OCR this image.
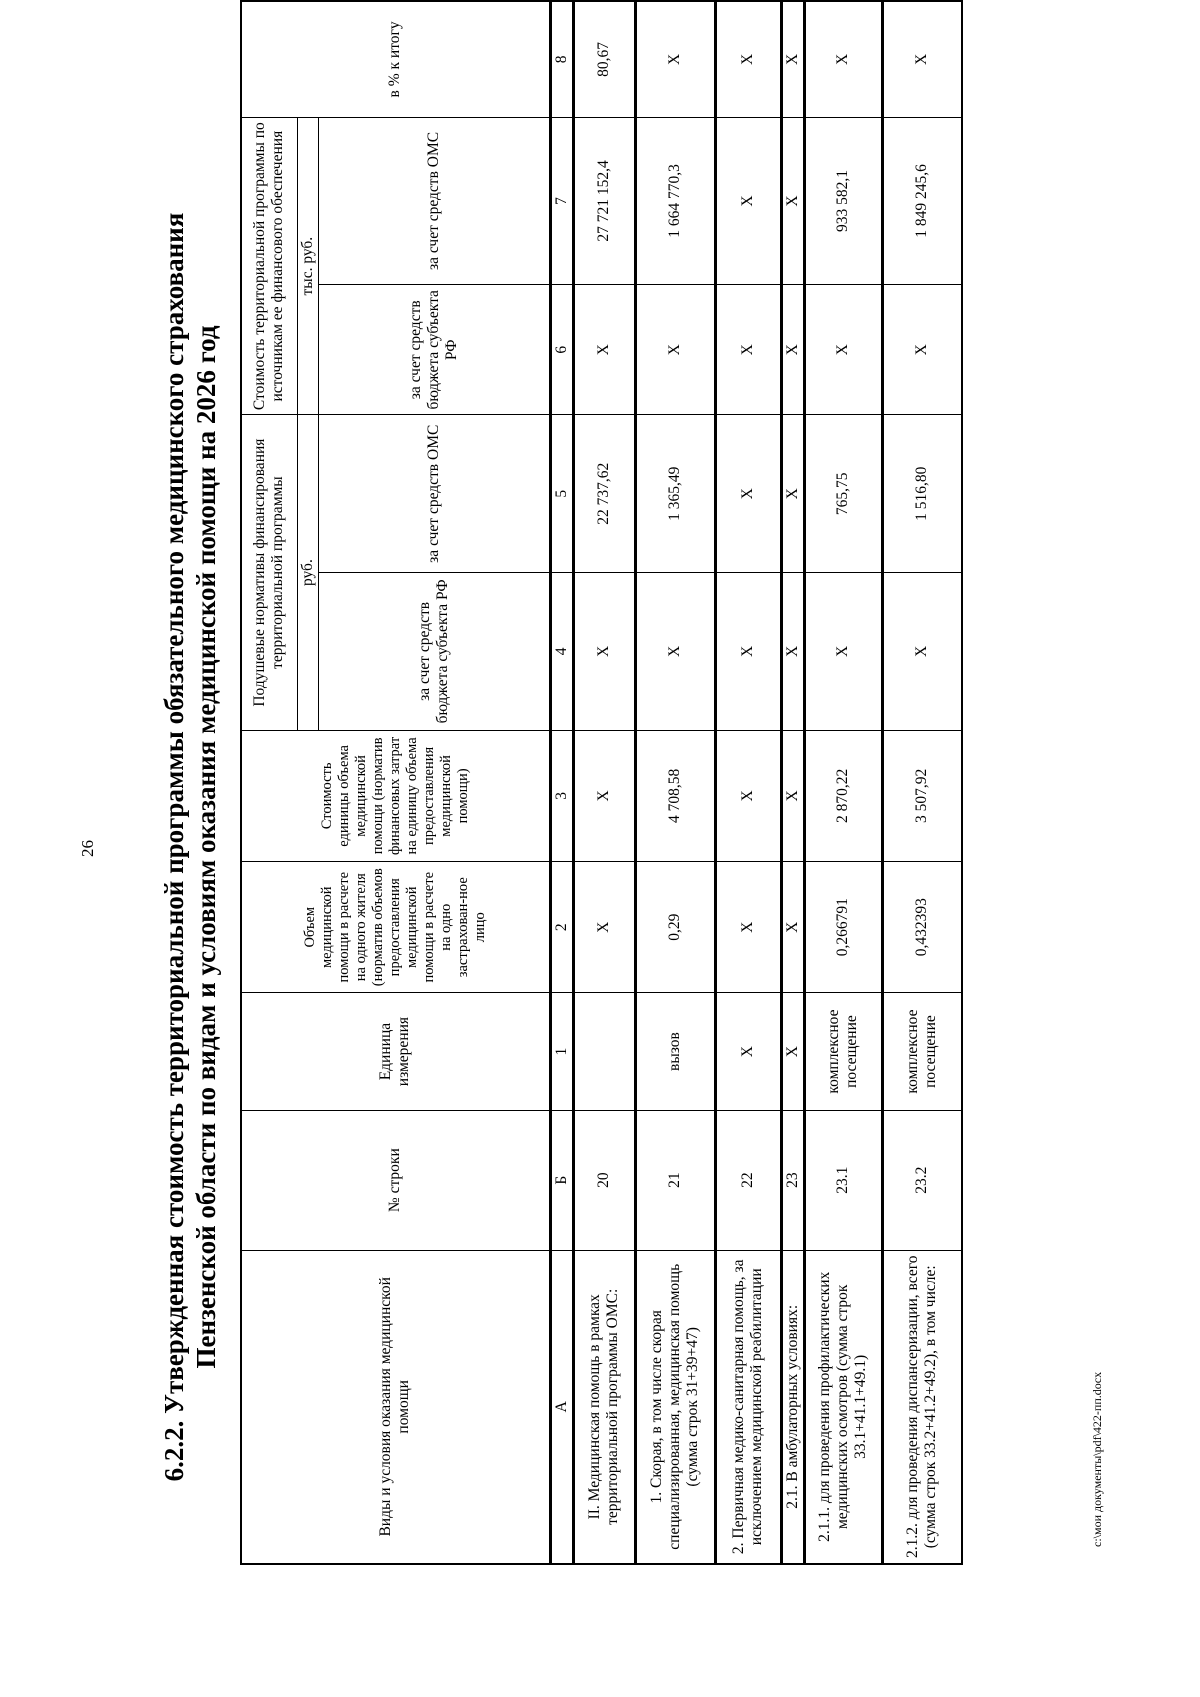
26 6.2.2. Утвержденная стоимость территориальной программы обязательного медицинского страхования Пензенской области по видам и условиям оказания медицинской помощи на 2026 год
Виды и условия оказания медицинской помощи	№ строки	Единица измерения	Объем медицинской помощи в расчете на одного жителя (норматив объемов предоставления медицинской помощи в расчете на одно застрахован-ное лицо	Стоимость единицы объема медицинской помощи (норматив финансовых затрат на единицу объема предоставления медицинской помощи)	Подушевые нормативы финансирования территориальной программы		Стоимость территориальной программы по источникам ее финансового обеспечения		в % к итогу
					руб.		тыс. руб.		
					за счет средств бюджета субъекта РФ	за счет средств ОМС	за счет средств бюджета субъекта РФ	за счет средств ОМС	
А	Б	1	2	3	4	5	6	7	8
II. Медицинская помощь в рамках территориальной программы ОМС:	20		X	X	X	22 737,62	X	27 721 152,4	80,67
1. Скорая, в том числе скорая специализированная, медицинская помощь (сумма строк 31+39+47)	21	вызов	0,29	4 708,58	X	1 365,49	X	1 664 770,3	X
2. Первичная медико-санитарная помощь, за исключением медицинской реабилитации	22	X	X	X	X	X	X	X	X
2.1. В амбулаторных условиях:	23	X	X	X	X	X	X	X	X
2.1.1. для проведения профилактических медицинских осмотров (сумма строк 33.1+41.1+49.1)	23.1	комплексное посещение	0,266791	2 870,22	X	765,75	X	933 582,1	X
2.1.2. для проведения диспансеризации, всего (сумма строк 33.2+41.2+49.2), в том числе:	23.2	комплексное посещение	0,432393	3 507,92	X	1 516,80	X	1 849 245,6	X
c:\мои документы\pdf\422-пп.docx
